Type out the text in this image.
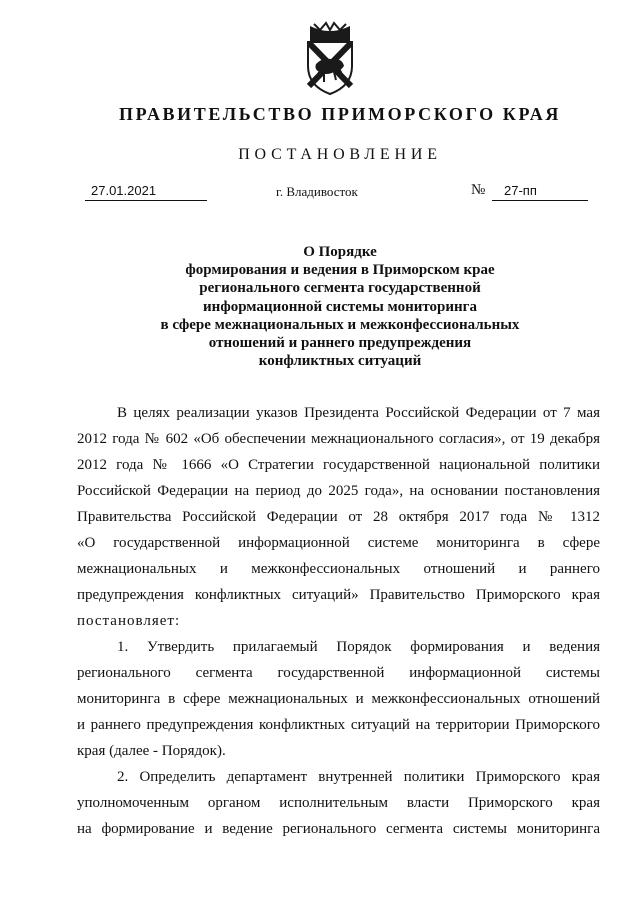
ПРАВИТЕЛЬСТВО ПРИМОРСКОГО КРАЯ
ПОСТАНОВЛЕНИЕ
27.01.2021	г. Владивосток	№ 27-пп
О Порядке
формирования и ведения в Приморском крае
регионального сегмента государственной
информационной системы мониторинга
в сфере межнациональных и межконфессиональных
отношений и раннего предупреждения
конфликтных ситуаций
В целях реализации указов Президента Российской Федерации от 7 мая
2012 года № 602 «Об обеспечении межнационального согласия», от 19 декабря
2012 года № 1666 «О Стратегии государственной национальной политики
Российской Федерации на период до 2025 года», на основании постановления
Правительства Российской Федерации от 28 октября 2017 года № 1312
«О государственной информационной системе мониторинга в сфере
межнациональных и межконфессиональных отношений и раннего
предупреждения конфликтных ситуаций» Правительство Приморского края
постановляет:
1. Утвердить прилагаемый Порядок формирования и ведения
регионального сегмента государственной информационной системы
мониторинга в сфере межнациональных и межконфессиональных отношений
и раннего предупреждения конфликтных ситуаций на территории Приморского
края (далее - Порядок).
2. Определить департамент внутренней политики Приморского края
уполномоченным органом исполнительным власти Приморского края
на формирование и ведение регионального сегмента системы мониторинга
